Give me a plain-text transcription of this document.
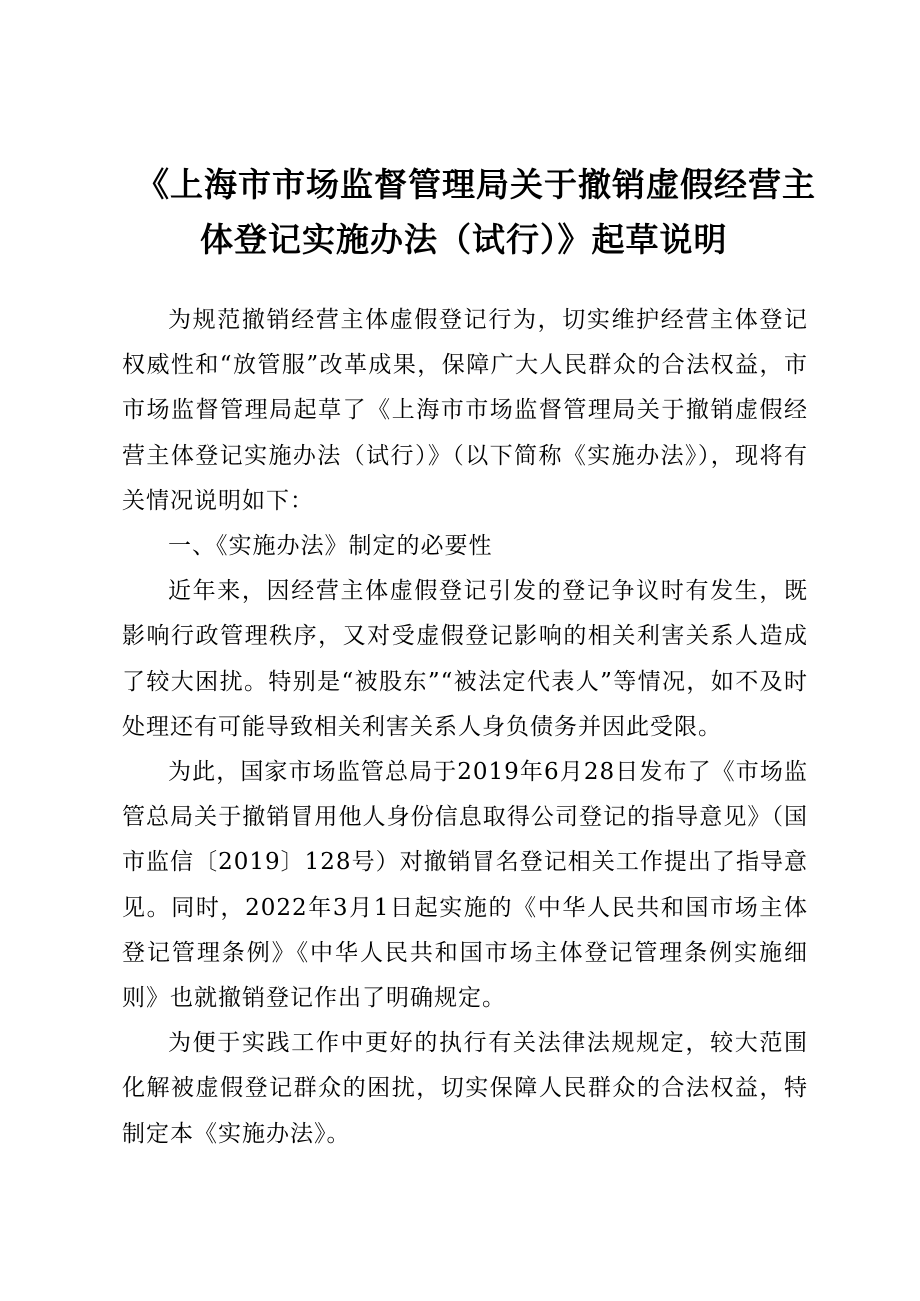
《上海市市场监督管理局关于撤销虚假经营主
体登记实施办法（试行）》起草说明

为规范撤销经营主体虚假登记行为，切实维护经营主体登记权威性和“放管服”改革成果，保障广大人民群众的合法权益，市市场监督管理局起草了《上海市市场监督管理局关于撤销虚假经营主体登记实施办法（试行）》（以下简称《实施办法》），现将有关情况说明如下：

一、《实施办法》制定的必要性

近年来，因经营主体虚假登记引发的登记争议时有发生，既影响行政管理秩序，又对受虚假登记影响的相关利害关系人造成了较大困扰。特别是“被股东”“被法定代表人”等情况，如不及时处理还有可能导致相关利害关系人身负债务并因此受限。

为此，国家市场监管总局于2019年6月28日发布了《市场监管总局关于撤销冒用他人身份信息取得公司登记的指导意见》（国市监信〔2019〕128号）对撤销冒名登记相关工作提出了指导意见。同时，2022年3月1日起实施的《中华人民共和国市场主体登记管理条例》《中华人民共和国市场主体登记管理条例实施细则》也就撤销登记作出了明确规定。

为便于实践工作中更好的执行有关法律法规规定，较大范围化解被虚假登记群众的困扰，切实保障人民群众的合法权益，特制定本《实施办法》。
